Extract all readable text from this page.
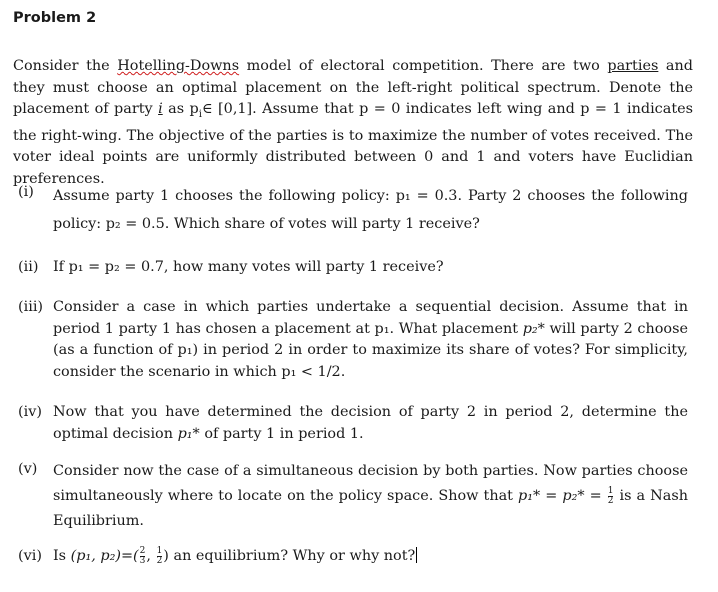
Problem 2
Consider the Hotelling-Downs model of electoral competition. There are two parties and they must choose an optimal placement on the left-right political spectrum. Denote the placement of party i as $p_i\in$ [0,1]. Assume that p = 0 indicates left wing and p = 1 indicates the right-wing. The objective of the parties is to maximize the number of votes received. The voter ideal points are uniformly distributed between 0 and 1 and voters have Euclidian preferences.
(i) Assume party 1 chooses the following policy: p₁ = 0.3. Party 2 chooses the following policy: p₂ = 0.5. Which share of votes will party 1 receive?
(ii) If p₁ = p₂ = 0.7, how many votes will party 1 receive?
(iii) Consider a case in which parties undertake a sequential decision. Assume that in period 1 party 1 has chosen a placement at p₁. What placement p₂* will party 2 choose (as a function of p₁) in period 2 in order to maximize its share of votes? For simplicity, consider the scenario in which p₁ < 1/2.
(iv) Now that you have determined the decision of party 2 in period 2, determine the optimal decision p₁* of party 1 in period 1.
(v) Consider now the case of a simultaneous decision by both parties. Now parties choose simultaneously where to locate on the policy space. Show that $p_1* = p_2* = \frac{1}{2}$ is a Nash Equilibrium.
(vi) Is (p₁, $p_2)=( \frac{2}{3}$ , $\frac{1}{2}$ ) an equilibrium? Why or why not?
